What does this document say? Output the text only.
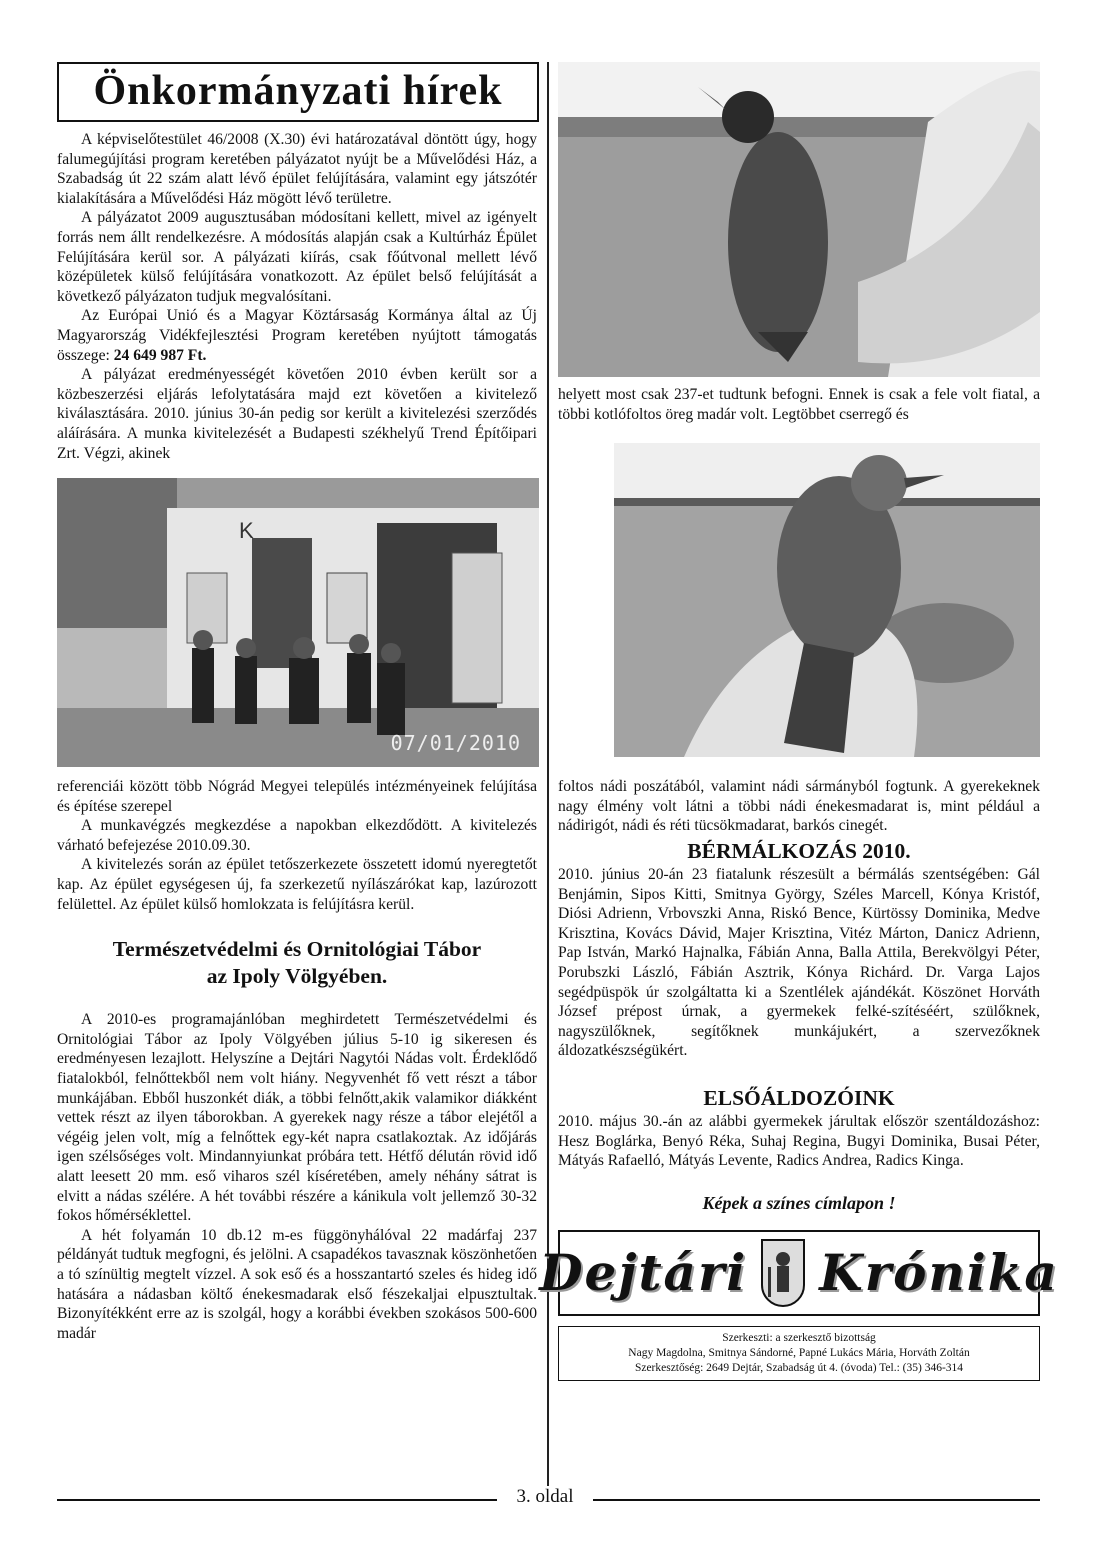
Önkormányzati hírek

A képviselőtestület 46/2008 (X.30) évi határozatával döntött úgy, hogy falumegújítási program keretében pályázatot nyújt be a Művelődési Ház, a Szabadság út 22 szám alatt lévő épület felújítására, valamint egy játszótér kialakítására a Művelődési Ház mögött lévő területre.

A pályázatot 2009 augusztusában módosítani kellett, mivel az igényelt forrás nem állt rendelkezésre. A módosítás alapján csak a Kultúrház Épület Felújítására kerül sor. A pályázati kiírás, csak főútvonal mellett lévő középületek külső felújítására vonatkozott. Az épület belső felújítását a következő pályázaton tudjuk megvalósítani.

Az Európai Unió és a Magyar Köztársaság Kormánya által az Új Magyarország Vidékfejlesztési Program keretében nyújtott támogatás összege: 24 649 987 Ft.

A pályázat eredményességét követően 2010 évben került sor a közbeszerzési eljárás lefolytatására majd ezt követően a kivitelező kiválasztására. 2010. június 30-án pedig sor került a kivitelezési szerződés aláírására. A munka kivitelezését a Budapesti székhelyű Trend Építőipari Zrt. Végzi, akinek

K
07/01/2010

referenciái között több Nógrád Megyei település intézményeinek felújítása és építése szerepel

A munkavégzés megkezdése a napokban elkezdődött. A kivitelezés várható befejezése 2010.09.30.

A kivitelezés során az épület tetőszerkezete összetett idomú nyeregtetőt kap. Az épület egységesen új, fa szerkezetű nyílászárókat kap, lazúrozott felülettel. Az épület külső homlokzata is felújításra kerül.

Természetvédelmi és Ornitológiai Tábor
az Ipoly Völgyében.

A 2010-es programajánlóban meghirdetett Természetvédelmi és Ornitológiai Tábor az Ipoly Völgyében július 5-10 ig sikeresen és eredményesen lezajlott. Helyszíne a Dejtári Nagytói Nádas volt. Érdeklődő fiatalokból, felnőttekből nem volt hiány. Negyvenhét fő vett részt a tábor munkájában. Ebből huszonkét diák, a többi felnőtt,akik valamikor diákként vettek részt az ilyen táborokban. A gyerekek nagy része a tábor elejétől a végéig jelen volt, míg a felnőttek egy-két napra csatlakoztak. Az időjárás igen szélsőséges volt. Mindannyiunkat próbára tett. Hétfő délután rövid idő alatt leesett 20 mm. eső viharos szél kíséretében, amely néhány sátrat is elvitt a nádas szélére. A hét további részére a kánikula volt jellemző 30-32 fokos hőmérséklettel.

A hét folyamán 10 db.12 m-es függönyhálóval 22 madárfaj 237 példányát tudtuk megfogni, és jelölni. A csapadékos tavasznak köszönhetően a tó színültig megtelt vízzel. A sok eső és a hosszantartó szeles és hideg idő hatására a nádasban költő énekesmadarak első fészekaljai elpusztultak. Bizonyítékként erre az is szolgál, hogy a korábbi években szokásos 500-600 madár

helyett most csak 237-et tudtunk befogni. Ennek is csak a fele volt fiatal, a többi kotlófoltos öreg madár volt. Legtöbbet cserregő és

foltos nádi poszátából, valamint nádi sármányból fogtunk. A gyerekeknek nagy élmény volt látni a többi nádi énekesmadarat is, mint például a nádirigót, nádi és réti tücsökmadarat, barkós cinegét.

BÉRMÁLKOZÁS 2010.

2010. június 20-án 23 fiatalunk részesült a bérmálás szentségében: Gál Benjámin, Sipos Kitti, Smitnya György, Széles Marcell, Kónya Kristóf, Diósi Adrienn, Vrbovszki Anna, Riskó Bence, Kürtössy Dominika, Medve Krisztina, Kovács Dávid, Majer Krisztina, Vitéz Márton, Danicz Adrienn, Pap István, Markó Hajnalka, Fábián Anna, Balla Attila, Berekvölgyi Péter, Porubszki László, Fábián Asztrik, Kónya Richárd. Dr. Varga Lajos segédpüspök úr szolgáltatta ki a Szentlélek ajándékát. Köszönet Horváth József prépost úrnak, a gyermekek felké-szítéséért, szülőknek, nagyszülőknek, segítőknek munkájukért, a szervezőknek áldozatkészségükért.

ELSŐÁLDOZÓINK

2010. május 30.-án az alábbi gyermekek járultak először szentáldozáshoz: Hesz Boglárka, Benyó Réka, Suhaj Regina, Bugyi Dominika, Busai Péter, Mátyás Rafaelló, Mátyás Levente, Radics Andrea, Radics Kinga.

Képek a színes címlapon !

Dejtári Krónika
Szerkeszti: a szerkesztő bizottság
Nagy Magdolna, Smitnya Sándorné, Papné Lukács Mária, Horváth Zoltán
Szerkesztőség: 2649 Dejtár, Szabadság út 4. (óvoda) Tel.: (35) 346-314
3. oldal
